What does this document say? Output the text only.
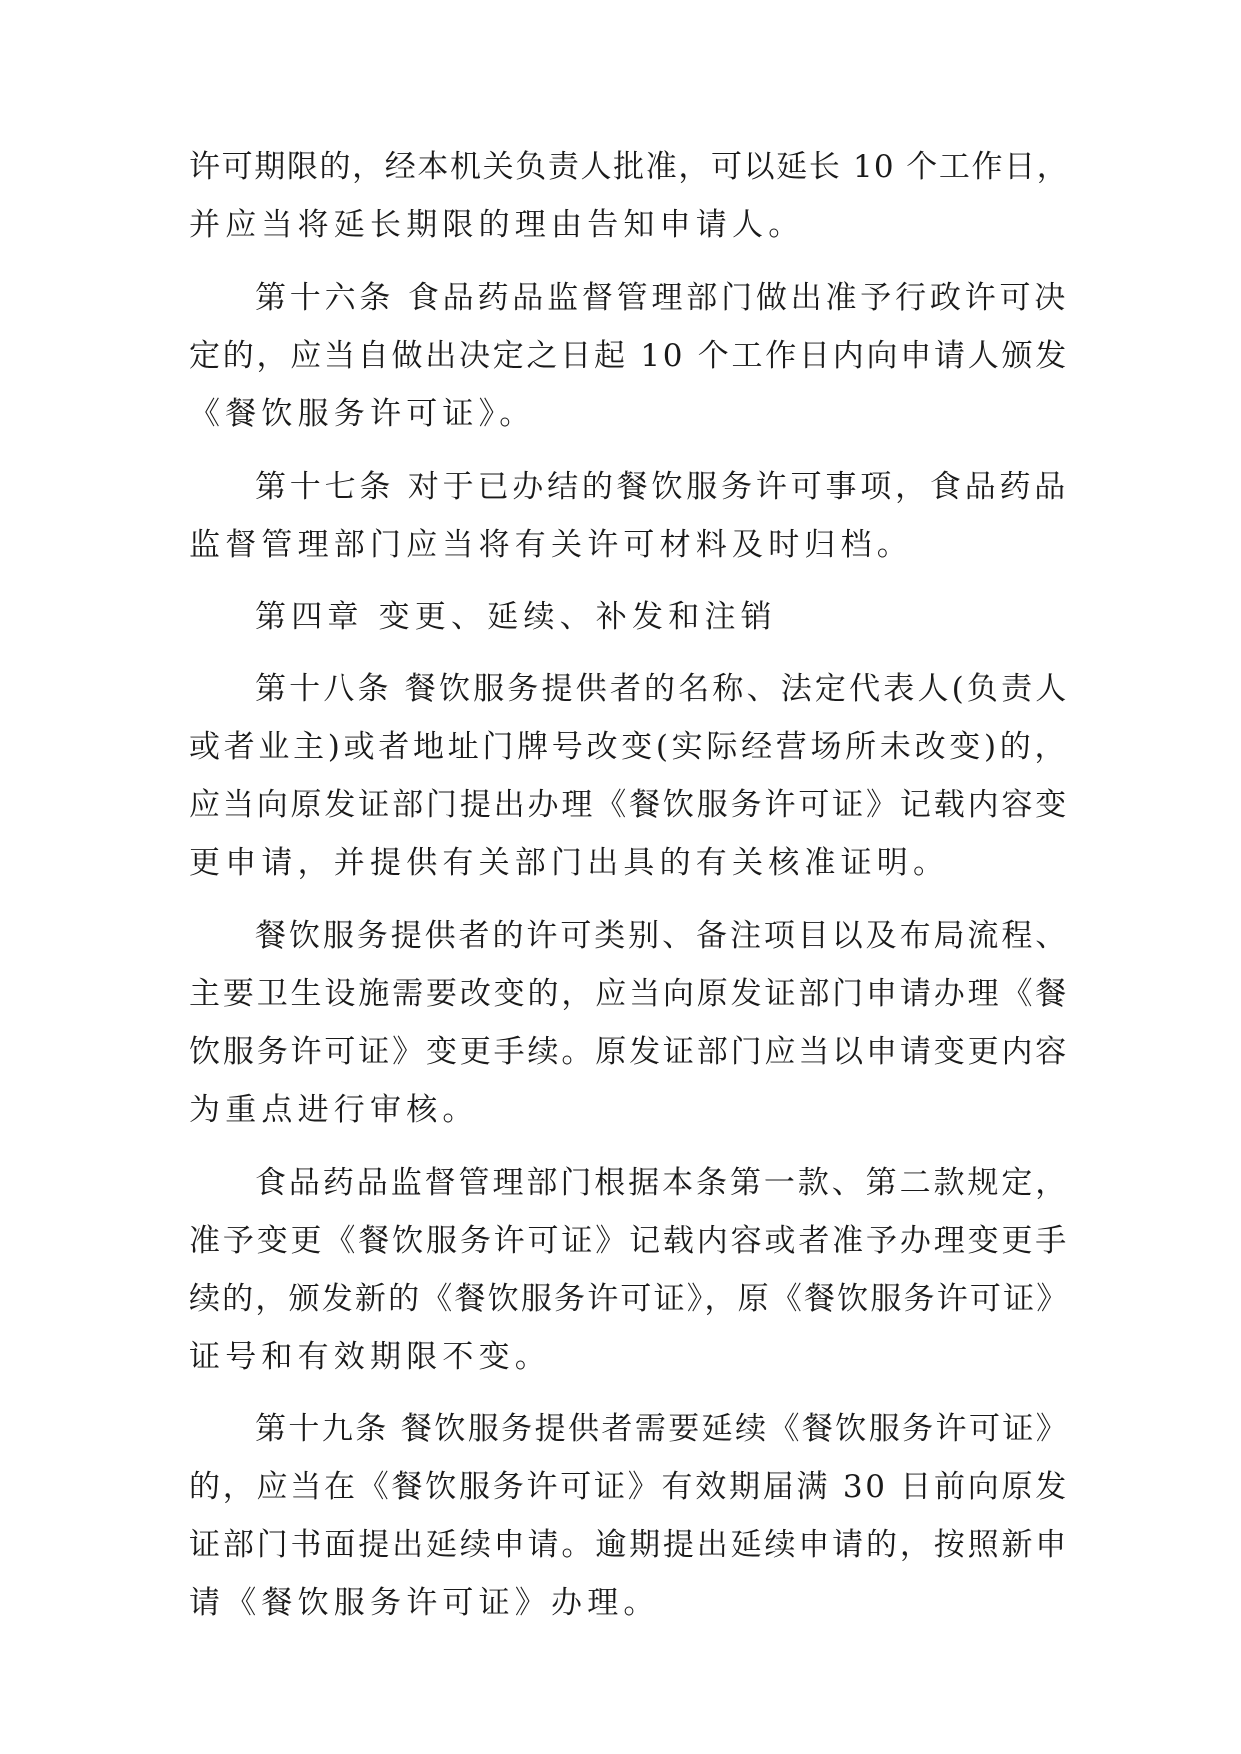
许可期限的，经本机关负责人批准，可以延长 10 个工作日，
并应当将延长期限的理由告知申请人。
第十六条 食品药品监督管理部门做出准予行政许可决
定的，应当自做出决定之日起 10 个工作日内向申请人颁发
《餐饮服务许可证》。
第十七条 对于已办结的餐饮服务许可事项，食品药品
监督管理部门应当将有关许可材料及时归档。
第四章 变更、延续、补发和注销
第十八条 餐饮服务提供者的名称、法定代表人(负责人
或者业主)或者地址门牌号改变(实际经营场所未改变)的，
应当向原发证部门提出办理《餐饮服务许可证》记载内容变
更申请，并提供有关部门出具的有关核准证明。
餐饮服务提供者的许可类别、备注项目以及布局流程、
主要卫生设施需要改变的，应当向原发证部门申请办理《餐
饮服务许可证》变更手续。原发证部门应当以申请变更内容
为重点进行审核。
食品药品监督管理部门根据本条第一款、第二款规定，
准予变更《餐饮服务许可证》记载内容或者准予办理变更手
续的，颁发新的《餐饮服务许可证》，原《餐饮服务许可证》
证号和有效期限不变。
第十九条 餐饮服务提供者需要延续《餐饮服务许可证》
的，应当在《餐饮服务许可证》有效期届满 30 日前向原发
证部门书面提出延续申请。逾期提出延续申请的，按照新申
请《餐饮服务许可证》办理。
